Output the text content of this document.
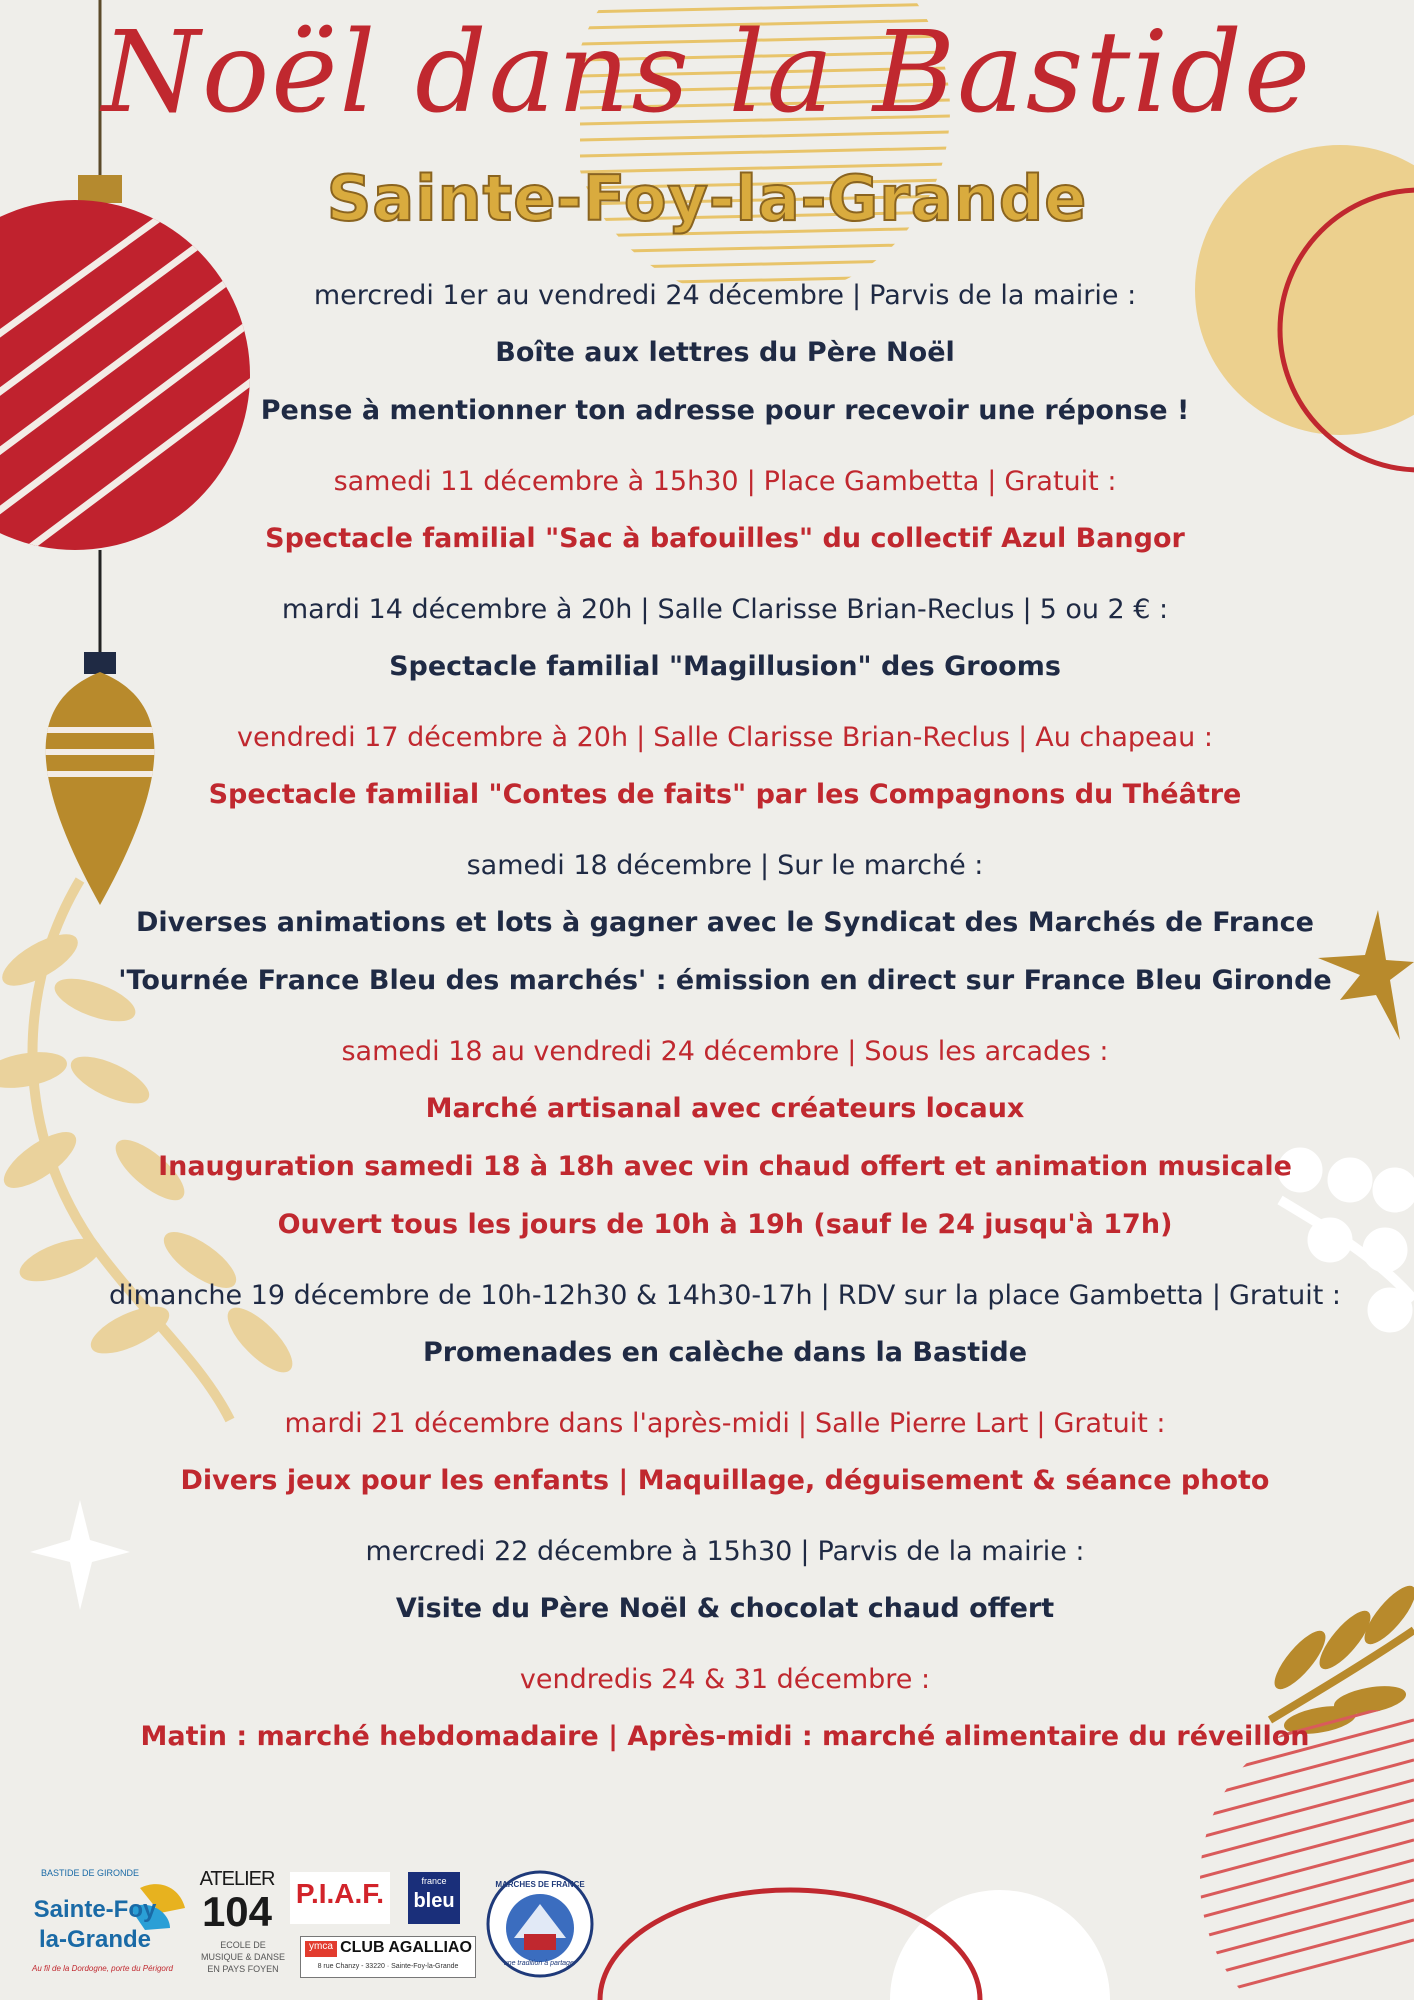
Noël dans la Bastide
Sainte-Foy-la-Grande
mercredi 1er au vendredi 24 décembre | Parvis de la mairie :
Boîte aux lettres du Père Noël
Pense à mentionner ton adresse pour recevoir une réponse !
samedi 11 décembre à 15h30 | Place Gambetta | Gratuit :
Spectacle familial "Sac à bafouilles" du collectif Azul Bangor
mardi 14 décembre à 20h | Salle Clarisse Brian-Reclus | 5 ou 2 € :
Spectacle familial "Magillusion" des Grooms
vendredi 17 décembre à 20h | Salle Clarisse Brian-Reclus | Au chapeau :
Spectacle familial "Contes de faits" par les Compagnons du Théâtre
samedi 18 décembre | Sur le marché :
Diverses animations et lots à gagner avec le Syndicat des Marchés de France
'Tournée France Bleu des marchés' : émission en direct sur France Bleu Gironde
samedi 18 au vendredi 24 décembre | Sous les arcades :
Marché artisanal avec créateurs locaux
Inauguration samedi 18 à 18h avec vin chaud offert et animation musicale
Ouvert tous les jours de 10h à 19h (sauf le 24 jusqu'à 17h)
dimanche 19 décembre de 10h-12h30 & 14h30-17h | RDV sur la place Gambetta | Gratuit :
Promenades en calèche dans la Bastide
mardi 21 décembre dans l'après-midi | Salle Pierre Lart | Gratuit :
Divers jeux pour les enfants | Maquillage, déguisement & séance photo
mercredi 22 décembre à 15h30 | Parvis de la mairie :
Visite du Père Noël & chocolat chaud offert
vendredis 24 & 31 décembre :
Matin : marché hebdomadaire | Après-midi : marché alimentaire du réveillon
BASTIDE DE GIRONDE
Sainte-Foy
la-Grande
Au fil de la Dordogne, porte du Périgord
ATELIER
104
ECOLE DE
MUSIQUE & DANSE
EN PAYS FOYEN
P.I.A.F.
ymca CLUB AGALLIAO
8 rue Chanzy - 33220 · Sainte-Foy-la-Grande
france
bleu
MARCHES DE FRANCE
une tradition à partager
